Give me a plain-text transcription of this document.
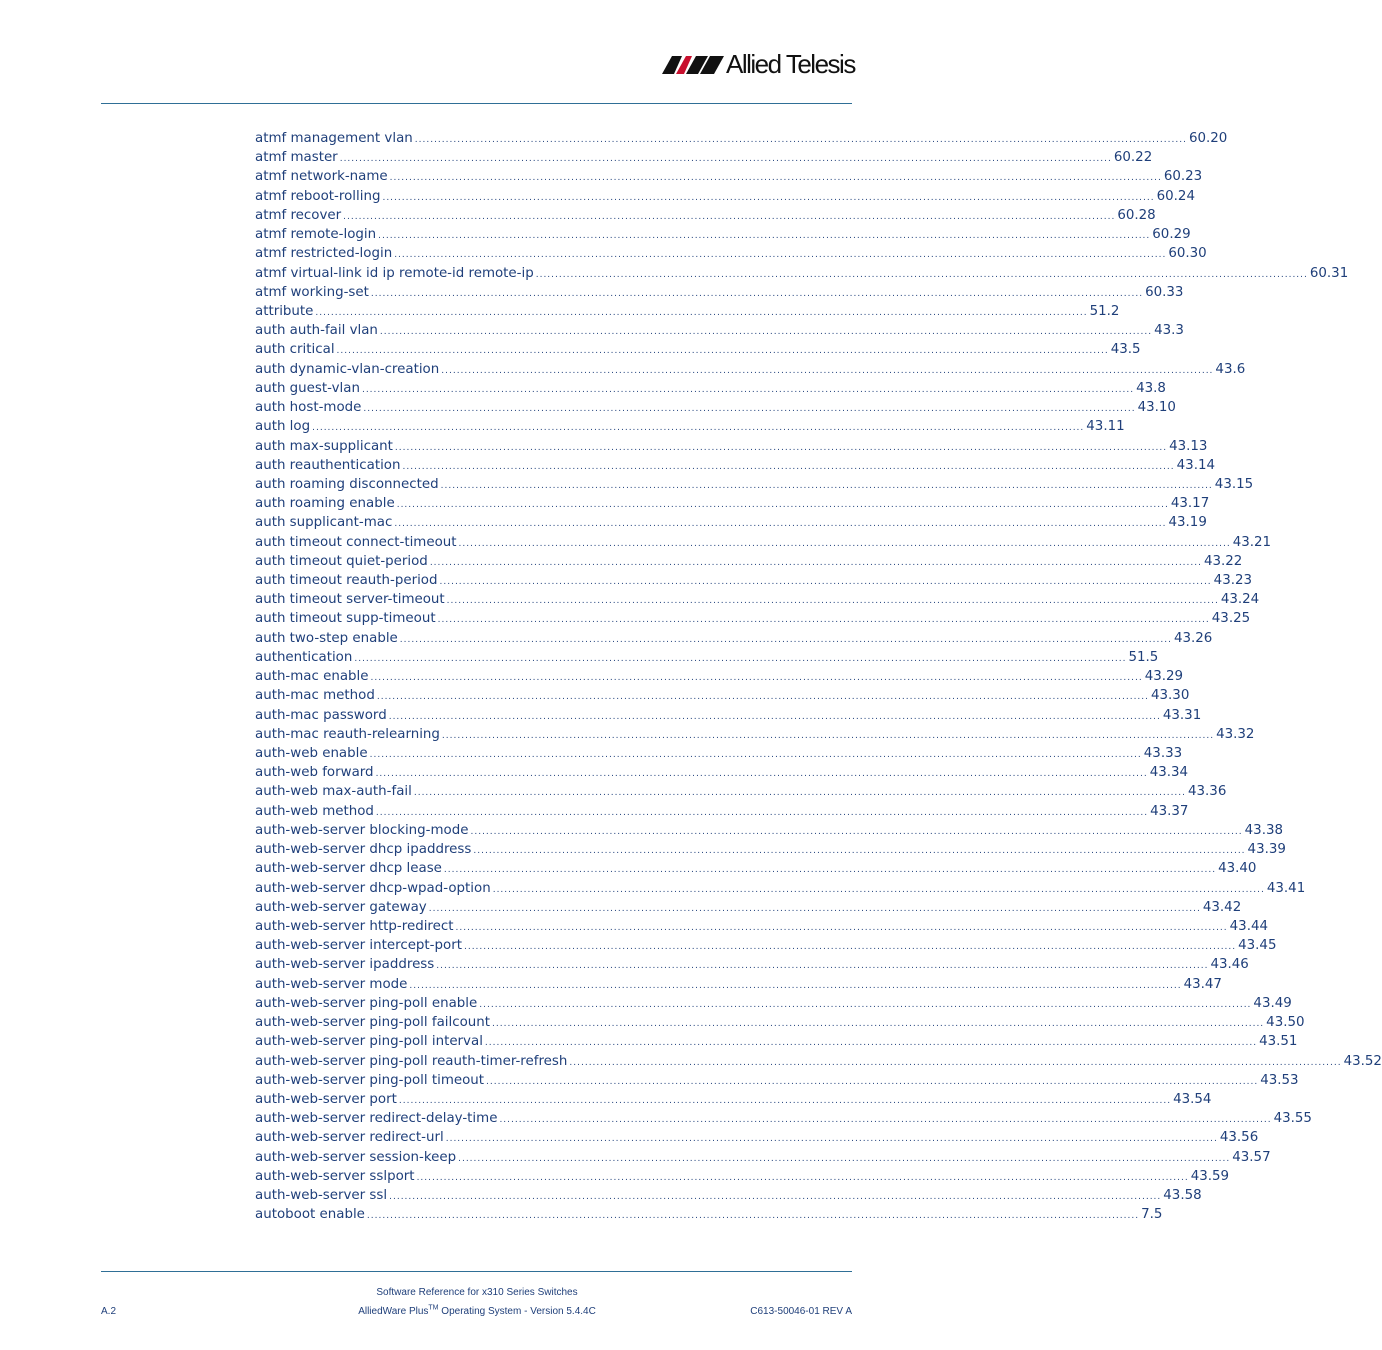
Allied Telesis
atmf management vlan ........................................................................................................................................................................................................ 60.20
atmf master ........................................................................................................................................................................................................ 60.22
atmf network-name ........................................................................................................................................................................................................ 60.23
atmf reboot-rolling ........................................................................................................................................................................................................ 60.24
atmf recover ........................................................................................................................................................................................................ 60.28
atmf remote-login ........................................................................................................................................................................................................ 60.29
atmf restricted-login ........................................................................................................................................................................................................ 60.30
atmf virtual-link id ip remote-id remote-ip ........................................................................................................................................................................................................ 60.31
atmf working-set ........................................................................................................................................................................................................ 60.33
attribute ........................................................................................................................................................................................................ 51.2
auth auth-fail vlan ........................................................................................................................................................................................................ 43.3
auth critical ........................................................................................................................................................................................................ 43.5
auth dynamic-vlan-creation ........................................................................................................................................................................................................ 43.6
auth guest-vlan ........................................................................................................................................................................................................ 43.8
auth host-mode ........................................................................................................................................................................................................ 43.10
auth log ........................................................................................................................................................................................................ 43.11
auth max-supplicant ........................................................................................................................................................................................................ 43.13
auth reauthentication ........................................................................................................................................................................................................ 43.14
auth roaming disconnected ........................................................................................................................................................................................................ 43.15
auth roaming enable ........................................................................................................................................................................................................ 43.17
auth supplicant-mac ........................................................................................................................................................................................................ 43.19
auth timeout connect-timeout ........................................................................................................................................................................................................ 43.21
auth timeout quiet-period ........................................................................................................................................................................................................ 43.22
auth timeout reauth-period ........................................................................................................................................................................................................ 43.23
auth timeout server-timeout ........................................................................................................................................................................................................ 43.24
auth timeout supp-timeout ........................................................................................................................................................................................................ 43.25
auth two-step enable ........................................................................................................................................................................................................ 43.26
authentication ........................................................................................................................................................................................................ 51.5
auth-mac enable ........................................................................................................................................................................................................ 43.29
auth-mac method ........................................................................................................................................................................................................ 43.30
auth-mac password ........................................................................................................................................................................................................ 43.31
auth-mac reauth-relearning ........................................................................................................................................................................................................ 43.32
auth-web enable ........................................................................................................................................................................................................ 43.33
auth-web forward ........................................................................................................................................................................................................ 43.34
auth-web max-auth-fail ........................................................................................................................................................................................................ 43.36
auth-web method ........................................................................................................................................................................................................ 43.37
auth-web-server blocking-mode ........................................................................................................................................................................................................ 43.38
auth-web-server dhcp ipaddress ........................................................................................................................................................................................................ 43.39
auth-web-server dhcp lease ........................................................................................................................................................................................................ 43.40
auth-web-server dhcp-wpad-option ........................................................................................................................................................................................................ 43.41
auth-web-server gateway ........................................................................................................................................................................................................ 43.42
auth-web-server http-redirect ........................................................................................................................................................................................................ 43.44
auth-web-server intercept-port ........................................................................................................................................................................................................ 43.45
auth-web-server ipaddress ........................................................................................................................................................................................................ 43.46
auth-web-server mode ........................................................................................................................................................................................................ 43.47
auth-web-server ping-poll enable ........................................................................................................................................................................................................ 43.49
auth-web-server ping-poll failcount ........................................................................................................................................................................................................ 43.50
auth-web-server ping-poll interval ........................................................................................................................................................................................................ 43.51
auth-web-server ping-poll reauth-timer-refresh ........................................................................................................................................................................................................ 43.52
auth-web-server ping-poll timeout ........................................................................................................................................................................................................ 43.53
auth-web-server port ........................................................................................................................................................................................................ 43.54
auth-web-server redirect-delay-time ........................................................................................................................................................................................................ 43.55
auth-web-server redirect-url ........................................................................................................................................................................................................ 43.56
auth-web-server session-keep ........................................................................................................................................................................................................ 43.57
auth-web-server sslport ........................................................................................................................................................................................................ 43.59
auth-web-server ssl ........................................................................................................................................................................................................ 43.58
autoboot enable ........................................................................................................................................................................................................ 7.5
Software Reference for x310 Series Switches
A.2	AlliedWare Plus™ Operating System - Version 5.4.4C	C613-50046-01 REV A
